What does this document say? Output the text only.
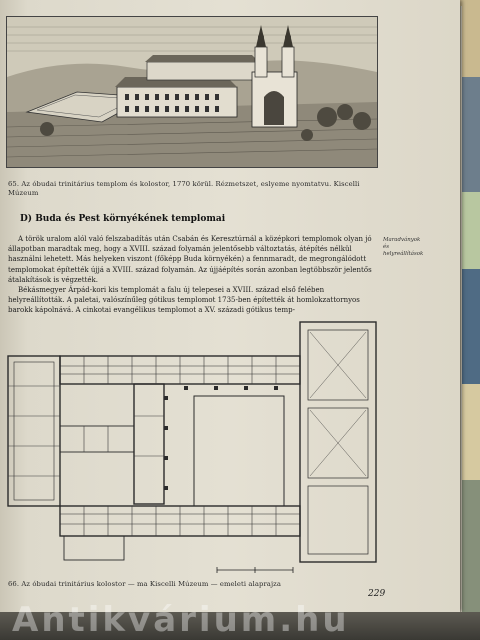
65. Az óbudai trinitárius templom és kolostor, 1770 körül. Rézmetszet, eslyeme nyomtatvu. Kiscelli Múzeum
D) Buda és Pest környékének templomai
Maradványok és helyreállítások

A török uralom alól való felszabadítás után Csabán és Keresztúrnál a középkori templomok olyan jó állapotban maradtak meg, hogy a XVIII. század folyamán jelentősebb változtatás, átépítés nélkül használni lehetett. Más helyeken viszont (főképp Buda környékén) a fennmaradt, de megrongálódott templomokat építették újjá a XVIII. század folyamán. Az újjáépítés során azonban legtöbbször jelentős átalakítások is végzették.

Békásmegyer Árpád-kori kis templomát a falu új telepesei a XVIII. század első felében helyreállították. A paletai, valószínűleg gótikus templomot 1735-ben építették át homlokzattornyos barokk kápolnává. A cinkotai evangélikus templomot a XV. századi gótikus temp-

66. Az óbudai trinitárius kolostor — ma Kiscelli Múzeum — emeleti alaprajza
229
Antikvárium.hu
